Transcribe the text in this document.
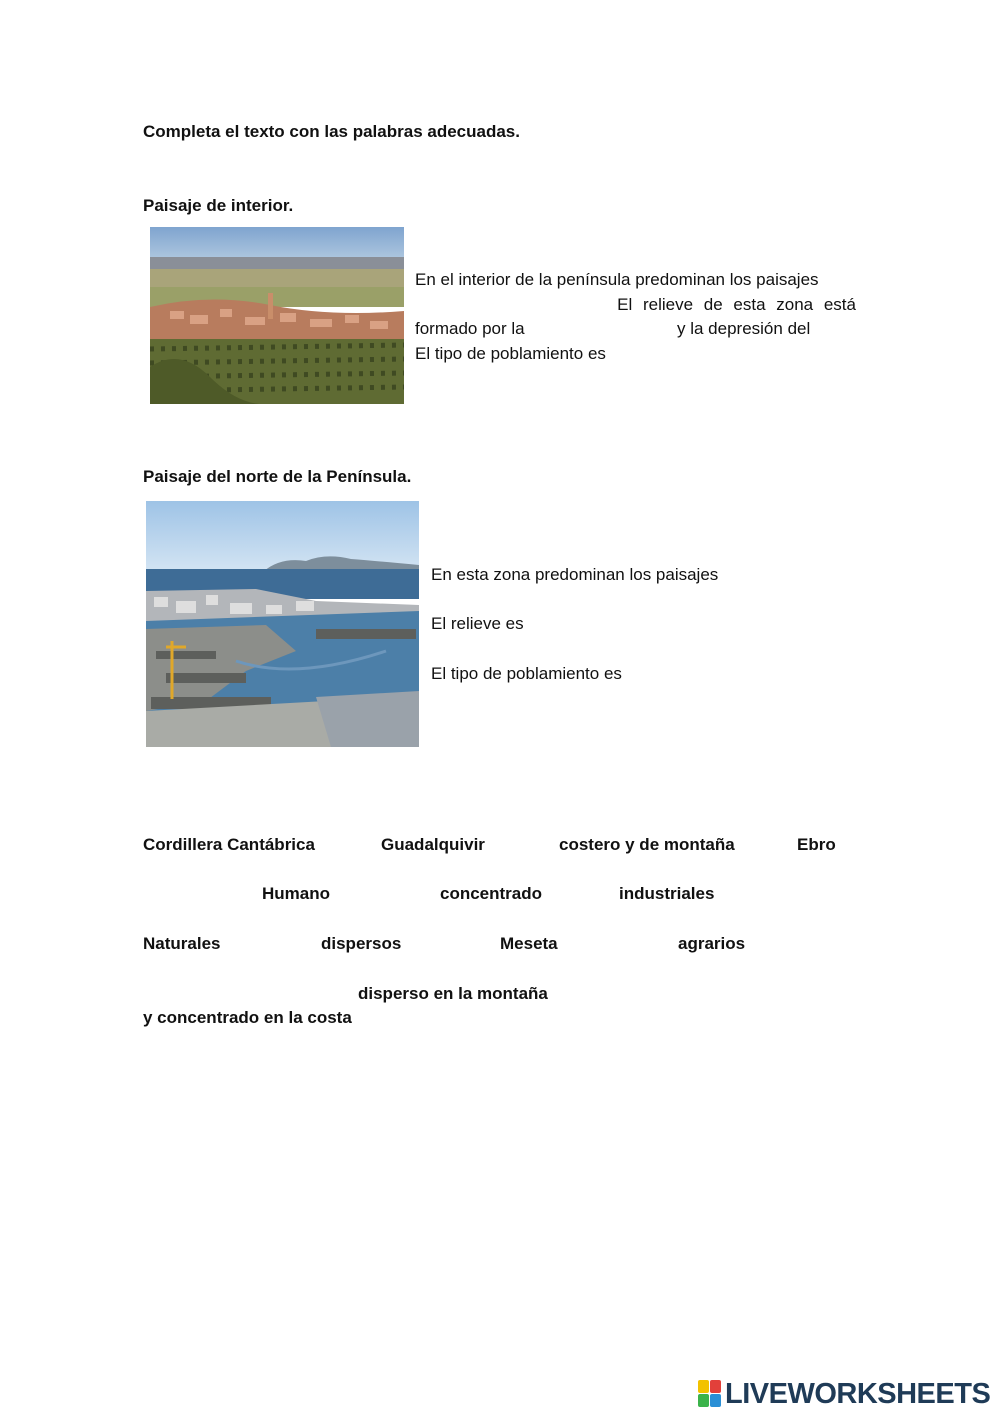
Completa el texto con las palabras adecuadas.
Paisaje de interior.
En el interior de la península predominan los paisajes
El relieve de esta zona está
formado por la	y la depresión del
El tipo de poblamiento es
Paisaje del norte de la Península.
En esta zona predominan los paisajes
El relieve es
El tipo de poblamiento es
Cordillera Cantábrica	Guadalquivir	costero y de montaña	Ebro
Humano	concentrado	industriales
Naturales	dispersos	Meseta	agrarios
disperso en la montaña
y concentrado en la costa
LIVEWORKSHEETS
